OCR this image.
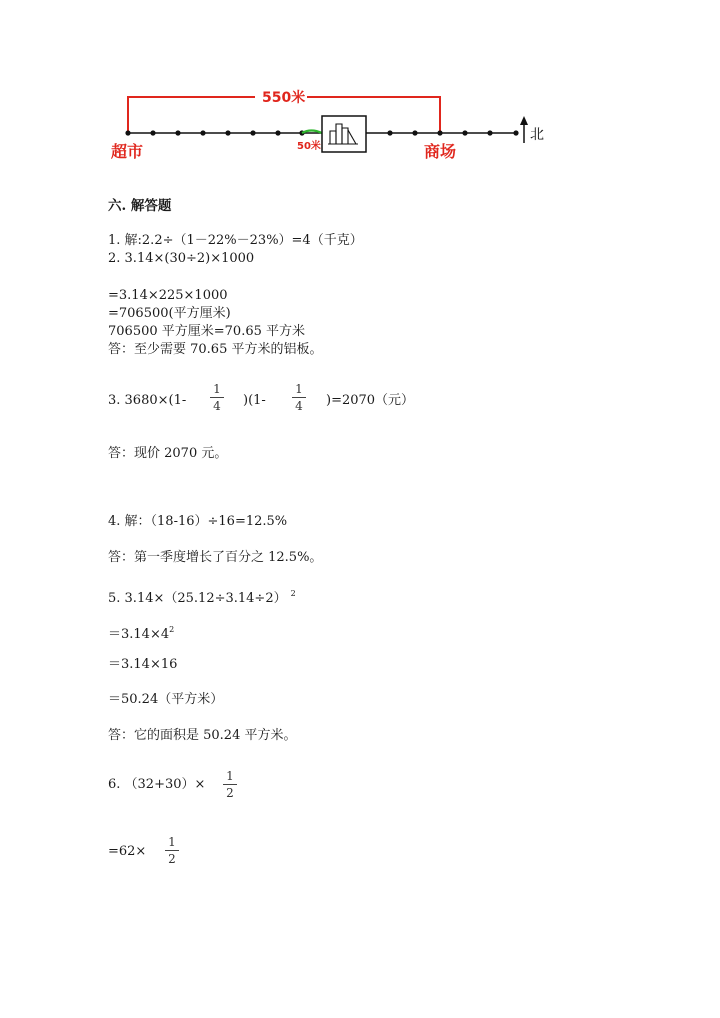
550米
50米
超市	商场
北
六. 解答题
1. 解:2.2÷（1－22%－23%）=4（千克）
2. 3.14×(30÷2)×1000
=3.14×225×1000
=706500(平方厘米)
706500 平方厘米=70.65 平方米
答：至少需要 70.65 平方米的铝板。
3. 3680×(1-
1
4 )(1-
1
4 )=2070（元）
答：现价 2070 元。
4. 解：（18-16）÷16=12.5%
答：第一季度增长了百分之 12.5%。
5. 3.14×（25.12÷3.14÷2） $^2$
$=3.14\times 4^2$
＝3.14×16
＝50.24（平方米）
答：它的面积是 50.24 平方米。
6. （32+30）×
1
2
=62×
1
2
